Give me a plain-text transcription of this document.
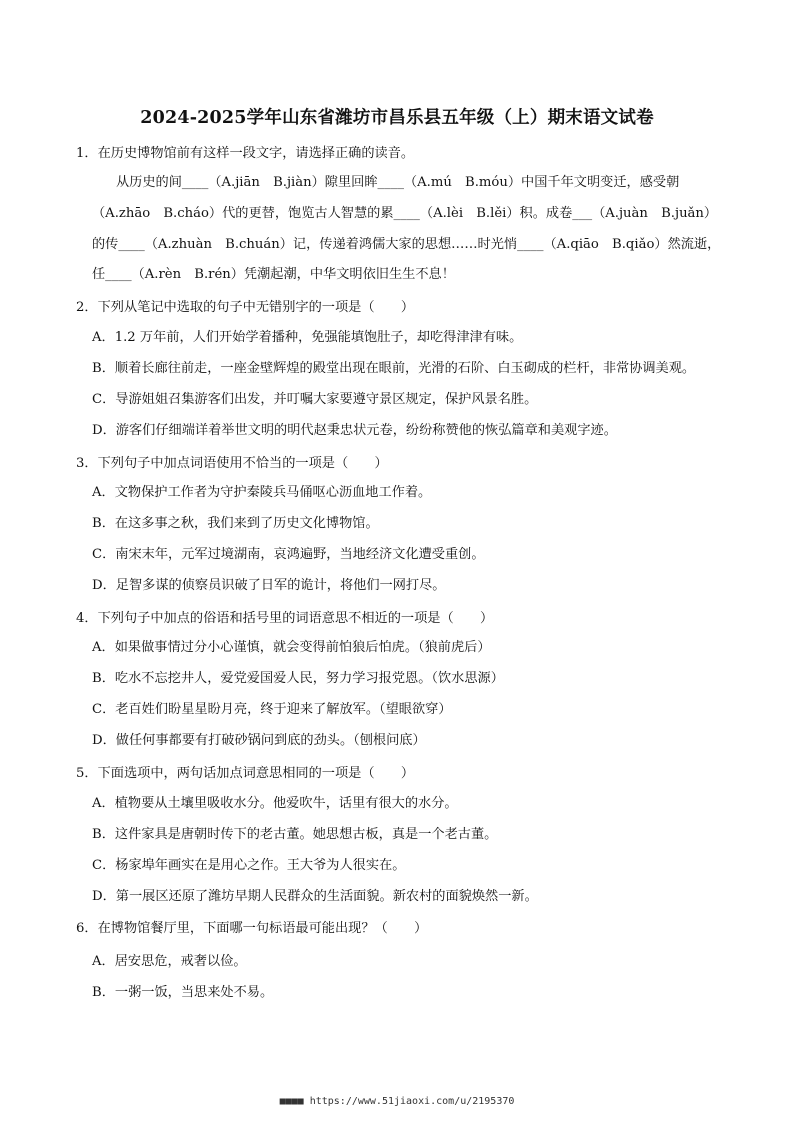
2024-2025学年山东省潍坊市昌乐县五年级（上）期末语文试卷
1．在历史博物馆前有这样一段文字，请选择正确的读音。
从历史的间____（A.jiān　B.jiàn）隙里回眸____（A.mú　B.móu）中国千年文明变迁，感受朝
（A.zhāo　B.cháo）代的更替，饱览古人智慧的累____（A.lèi　B.lěi）积。成卷___（A.juàn　B.juǎn）
的传____（A.zhuàn　B.chuán）记，传递着鸿儒大家的思想……时光悄____（A.qiāo　B.qiǎo）然流逝，
任____（A.rèn　B.rén）凭潮起潮，中华文明依旧生生不息！
2．下列从笔记中选取的句子中无错别字的一项是（　　）
A．1.2 万年前，人们开始学着播种，免强能填饱肚子，却吃得津津有味。
B．顺着长廊往前走，一座金壁辉煌的殿堂出现在眼前，光滑的石阶、白玉砌成的栏杆，非常协调美观。
C．导游姐姐召集游客们出发，并叮嘱大家要遵守景区规定，保护风景名胜。
D．游客们仔细端详着举世文明的明代赵秉忠状元卷，纷纷称赞他的恢弘篇章和美观字迹。
3．下列句子中加点词语使用不恰当的一项是（　　）
A．文物保护工作者为守护秦陵兵马俑呕心沥血地工作着。
B．在这多事之秋，我们来到了历史文化博物馆。
C．南宋末年，元军过境湖南，哀鸿遍野，当地经济文化遭受重创。
D．足智多谋的侦察员识破了日军的诡计，将他们一网打尽。
4．下列句子中加点的俗语和括号里的词语意思不相近的一项是（　　）
A．如果做事情过分小心谨慎，就会变得前怕狼后怕虎。（狼前虎后）
B．吃水不忘挖井人，爱党爱国爱人民，努力学习报党恩。（饮水思源）
C．老百姓们盼星星盼月亮，终于迎来了解放军。（望眼欲穿）
D．做任何事都要有打破砂锅问到底的劲头。（刨根问底）
5．下面选项中，两句话加点词意思相同的一项是（　　）
A．植物要从土壤里吸收水分。他爱吹牛，话里有很大的水分。
B．这件家具是唐朝时传下的老古董。她思想古板，真是一个老古董。
C．杨家埠年画实在是用心之作。王大爷为人很实在。
D．第一展区还原了潍坊早期人民群众的生活面貌。新农村的面貌焕然一新。
6．在博物馆餐厅里，下面哪一句标语最可能出现？（　　）
A．居安思危，戒奢以俭。
B．一粥一饭，当思来处不易。
■■■■ https://www.51jiaoxi.com/u/2195370
